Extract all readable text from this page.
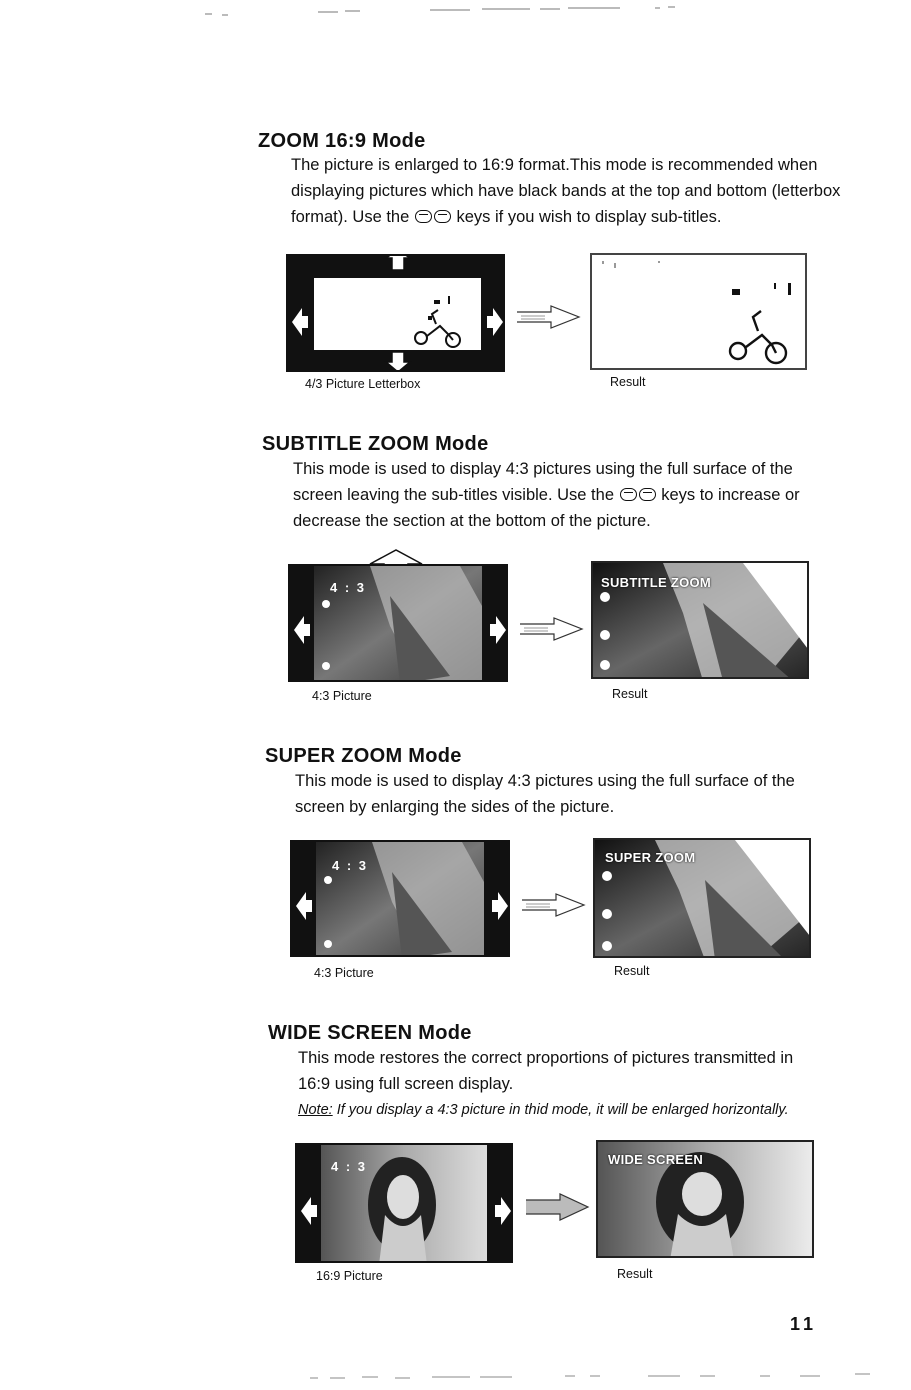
ZOOM 16:9 Mode

The picture is enlarged to 16:9 format.This mode is recommended when displaying pictures which have black bands at the top and bottom (letterbox format). Use the	keys if you wish to display sub-titles.

4/3 Picture Letterbox	Result
SUBTITLE ZOOM Mode

This mode is used to display 4:3 pictures using the full surface of the screen leaving the sub-titles visible. Use the	keys to increase or decrease the section at the bottom of the picture.

4 : 3	SUBTITLE ZOOM
4:3 Picture	Result
SUPER ZOOM Mode

This mode is used to display 4:3 pictures using the full surface of the screen by enlarging the sides of the picture.

4 : 3
SUPER ZOOM
4:3 Picture	Result
WIDE SCREEN Mode

This mode restores the correct proportions of pictures transmitted in 16:9 using full screen display.

Note: If you display a 4:3 picture in thid mode, it will be enlarged horizontally.

4 : 3	WIDE SCREEN
16:9 Picture	Result
11
